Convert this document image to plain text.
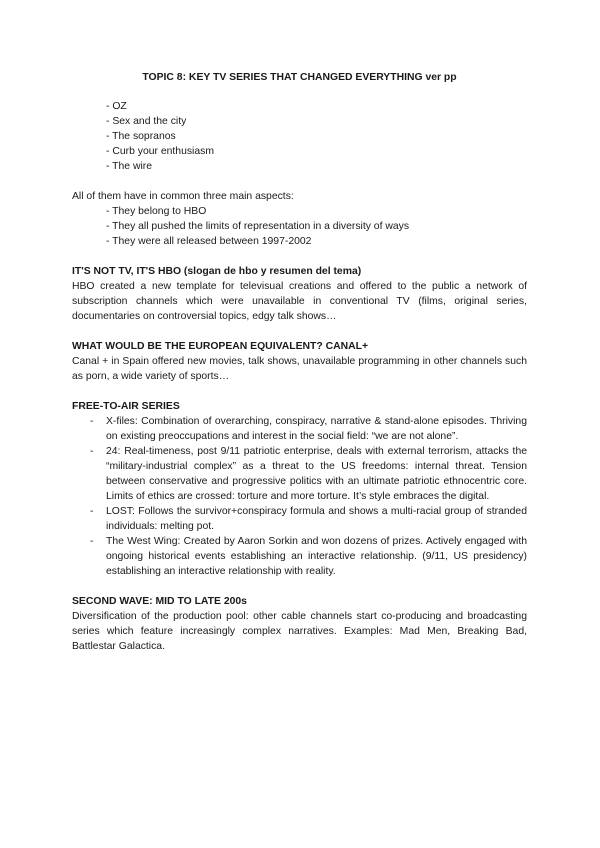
TOPIC 8: KEY TV SERIES THAT CHANGED EVERYTHING ver pp

- OZ
- Sex and the city
- The sopranos
- Curb your enthusiasm
- The wire

All of them have in common three main aspects:

- They belong to HBO
- They all pushed the limits of representation in a diversity of ways
- They were all released between 1997-2002

IT'S NOT TV, IT'S HBO (slogan de hbo y resumen del tema)

HBO created a new template for televisual creations and offered to the public a network of subscription channels which were unavailable in conventional TV (films, original series, documentaries on controversial topics, edgy talk shows…

WHAT WOULD BE THE EUROPEAN EQUIVALENT? CANAL+

Canal + in Spain offered new movies, talk shows, unavailable programming in other channels such as porn, a wide variety of sports…

FREE-TO-AIR SERIES

- X-files: Combination of overarching, conspiracy, narrative & stand-alone episodes. Thriving on existing preoccupations and interest in the social field: “we are not alone”.
- 24: Real-timeness, post 9/11 patriotic enterprise, deals with external terrorism, attacks the “military-industrial complex” as a threat to the US freedoms: internal threat. Tension between conservative and progressive politics with an ultimate patriotic ethnocentric core. Limits of ethics are crossed: torture and more torture. It’s style embraces the digital.
- LOST: Follows the survivor+conspiracy formula and shows a multi-racial group of stranded individuals: melting pot.
- The West Wing: Created by Aaron Sorkin and won dozens of prizes. Actively engaged with ongoing historical events establishing an interactive relationship. (9/11, US presidency) establishing an interactive relationship with reality.

SECOND WAVE: MID TO LATE 200s

Diversification of the production pool: other cable channels start co-producing and broadcasting series which feature increasingly complex narratives. Examples: Mad Men, Breaking Bad, Battlestar Galactica.
